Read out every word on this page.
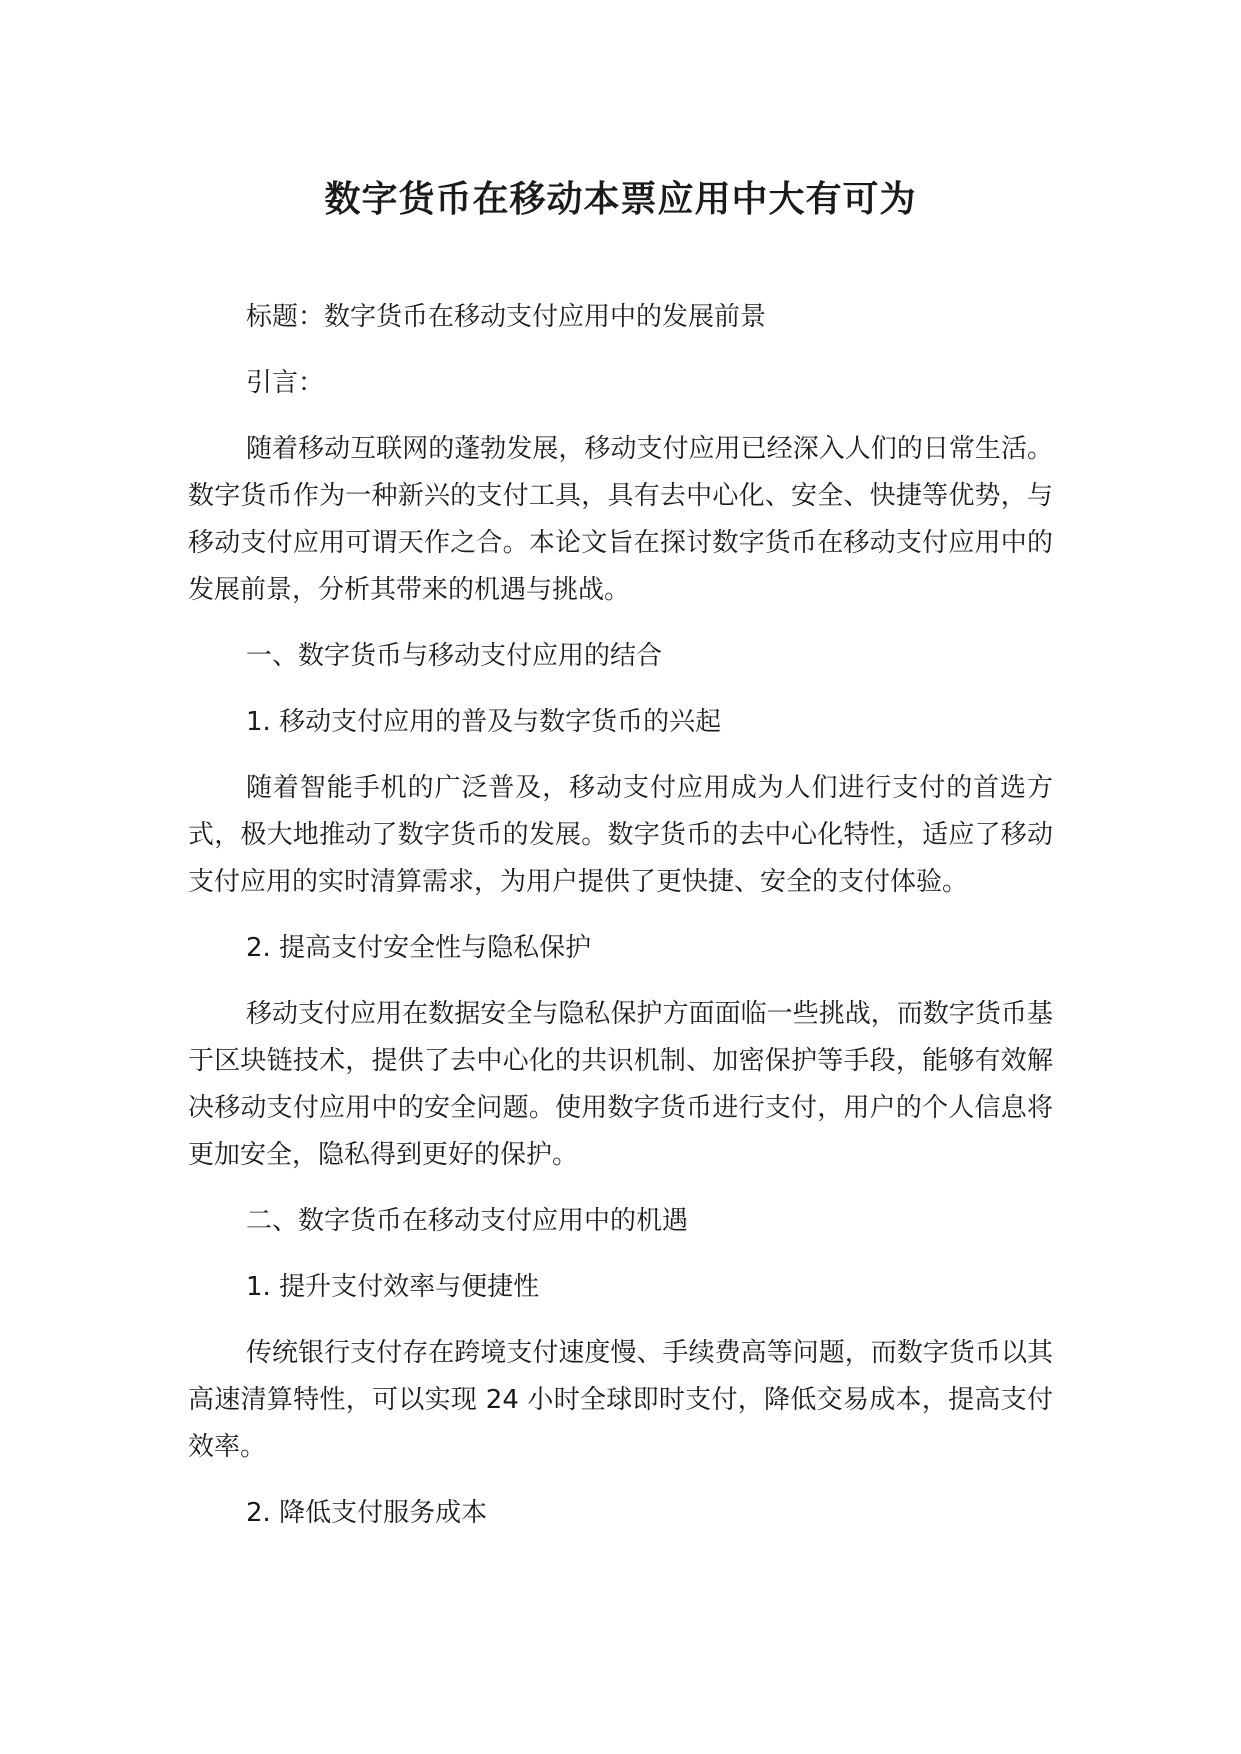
数字货币在移动本票应用中大有可为

标题：数字货币在移动支付应用中的发展前景

引言：

随着移动互联网的蓬勃发展，移动支付应用已经深入人们的日常生活。数字货币作为一种新兴的支付工具，具有去中心化、安全、快捷等优势，与移动支付应用可谓天作之合。本论文旨在探讨数字货币在移动支付应用中的发展前景，分析其带来的机遇与挑战。

一、数字货币与移动支付应用的结合

1. 移动支付应用的普及与数字货币的兴起

随着智能手机的广泛普及，移动支付应用成为人们进行支付的首选方式，极大地推动了数字货币的发展。数字货币的去中心化特性，适应了移动支付应用的实时清算需求，为用户提供了更快捷、安全的支付体验。

2. 提高支付安全性与隐私保护

移动支付应用在数据安全与隐私保护方面面临一些挑战，而数字货币基于区块链技术，提供了去中心化的共识机制、加密保护等手段，能够有效解决移动支付应用中的安全问题。使用数字货币进行支付，用户的个人信息将更加安全，隐私得到更好的保护。

二、数字货币在移动支付应用中的机遇

1. 提升支付效率与便捷性

传统银行支付存在跨境支付速度慢、手续费高等问题，而数字货币以其高速清算特性，可以实现 24 小时全球即时支付，降低交易成本，提高支付效率。

2. 降低支付服务成本
